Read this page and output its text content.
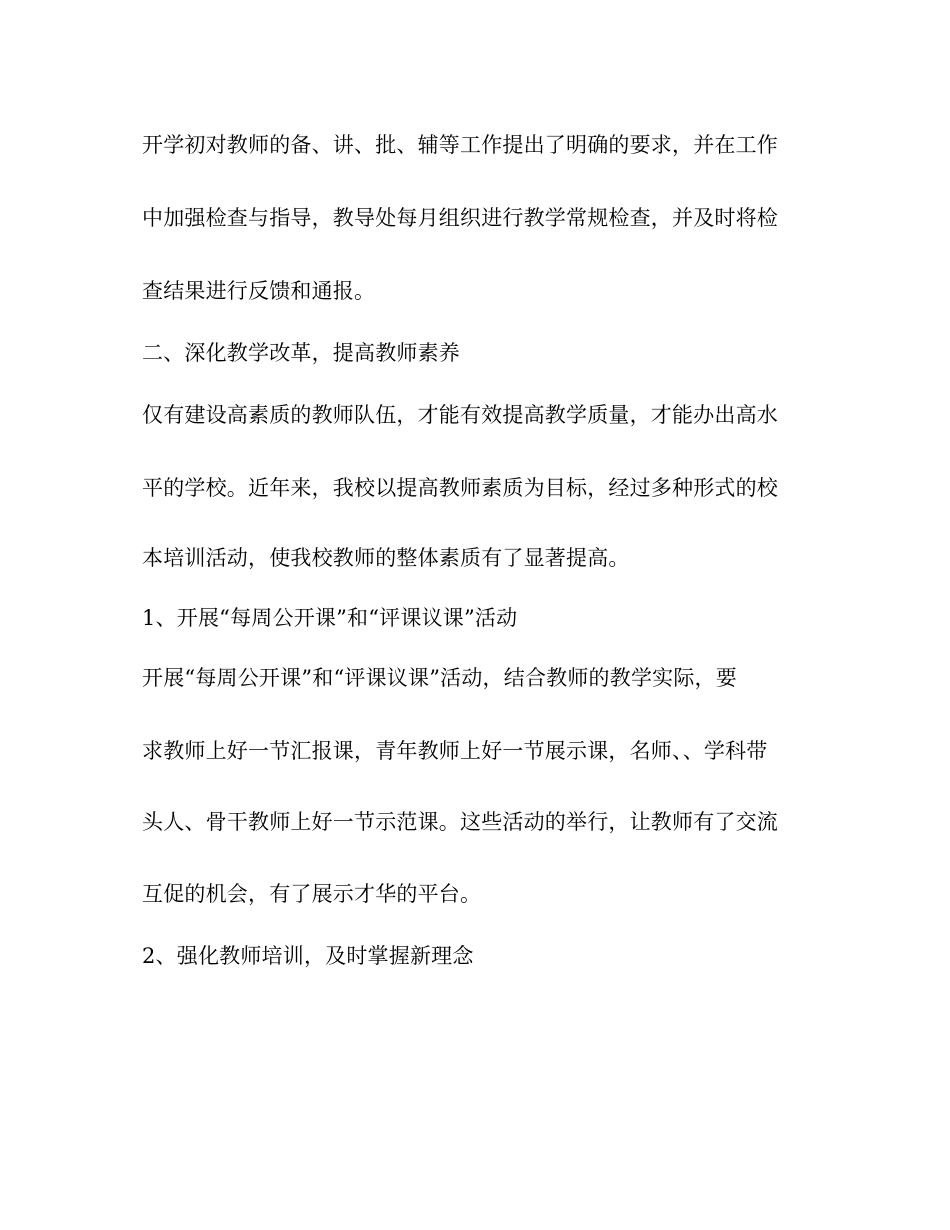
开学初对教师的备、讲、批、辅等工作提出了明确的要求，并在工作
中加强检查与指导，教导处每月组织进行教学常规检查，并及时将检
查结果进行反馈和通报。
二、深化教学改革，提高教师素养
仅有建设高素质的教师队伍，才能有效提高教学质量，才能办出高水
平的学校。近年来，我校以提高教师素质为目标，经过多种形式的校
本培训活动，使我校教师的整体素质有了显著提高。
1、开展“每周公开课”和“评课议课”活动
开展“每周公开课”和“评课议课”活动，结合教师的教学实际，要
求教师上好一节汇报课，青年教师上好一节展示课，名师、、学科带
头人、骨干教师上好一节示范课。这些活动的举行，让教师有了交流
互促的机会，有了展示才华的平台。
2、强化教师培训，及时掌握新理念
